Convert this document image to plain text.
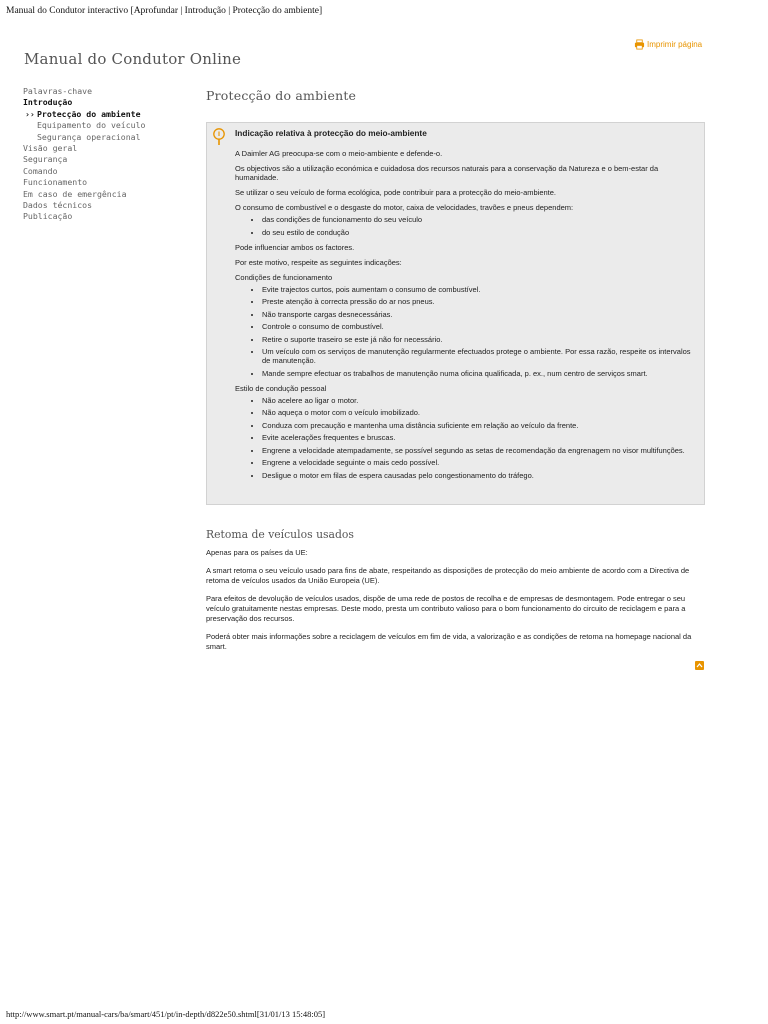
Manual do Condutor interactivo [Aprofundar | Introdução | Protecção do ambiente]
Manual do Condutor Online
Imprimir página
Palavras-chave
Introdução
›› Protecção do ambiente
Equipamento do veículo
Segurança operacional
Visão geral
Segurança
Comando
Funcionamento
Em caso de emergência
Dados técnicos
Publicação
Protecção do ambiente
Indicação relativa à protecção do meio-ambiente

A Daimler AG preocupa-se com o meio-ambiente e defende-o.

Os objectivos são a utilização económica e cuidadosa dos recursos naturais para a conservação da Natureza e o bem-estar da humanidade.

Se utilizar o seu veículo de forma ecológica, pode contribuir para a protecção do meio-ambiente.

O consumo de combustível e o desgaste do motor, caixa de velocidades, travões e pneus dependem:

• das condições de funcionamento do seu veículo
• do seu estilo de condução

Pode influenciar ambos os factores.

Por este motivo, respeite as seguintes indicações:

Condições de funcionamento

• Evite trajectos curtos, pois aumentam o consumo de combustível.
• Preste atenção à correcta pressão do ar nos pneus.
• Não transporte cargas desnecessárias.
• Controle o consumo de combustível.
• Retire o suporte traseiro se este já não for necessário.
• Um veículo com os serviços de manutenção regularmente efectuados protege o ambiente. Por essa razão, respeite os intervalos de manutenção.
• Mande sempre efectuar os trabalhos de manutenção numa oficina qualificada, p. ex., num centro de serviços smart.

Estilo de condução pessoal

• Não acelere ao ligar o motor.
• Não aqueça o motor com o veículo imobilizado.
• Conduza com precaução e mantenha uma distância suficiente em relação ao veículo da frente.
• Evite acelerações frequentes e bruscas.
• Engrene a velocidade atempadamente, se possível segundo as setas de recomendação da engrenagem no visor multifunções.
• Engrene a velocidade seguinte o mais cedo possível.
• Desligue o motor em filas de espera causadas pelo congestionamento do tráfego.
Retoma de veículos usados

Apenas para os países da UE:

A smart retoma o seu veículo usado para fins de abate, respeitando as disposições de protecção do meio ambiente de acordo com a Directiva de retoma de veículos usados da União Europeia (UE).

Para efeitos de devolução de veículos usados, dispõe de uma rede de postos de recolha e de empresas de desmontagem. Pode entregar o seu veículo gratuitamente nestas empresas. Deste modo, presta um contributo valioso para o bom funcionamento do circuito de reciclagem e para a preservação dos recursos.

Poderá obter mais informações sobre a reciclagem de veículos em fim de vida, a valorização e as condições de retoma na homepage nacional da smart.

http://www.smart.pt/manual-cars/ba/smart/451/pt/in-depth/d822e50.shtml[31/01/13 15:48:05]
